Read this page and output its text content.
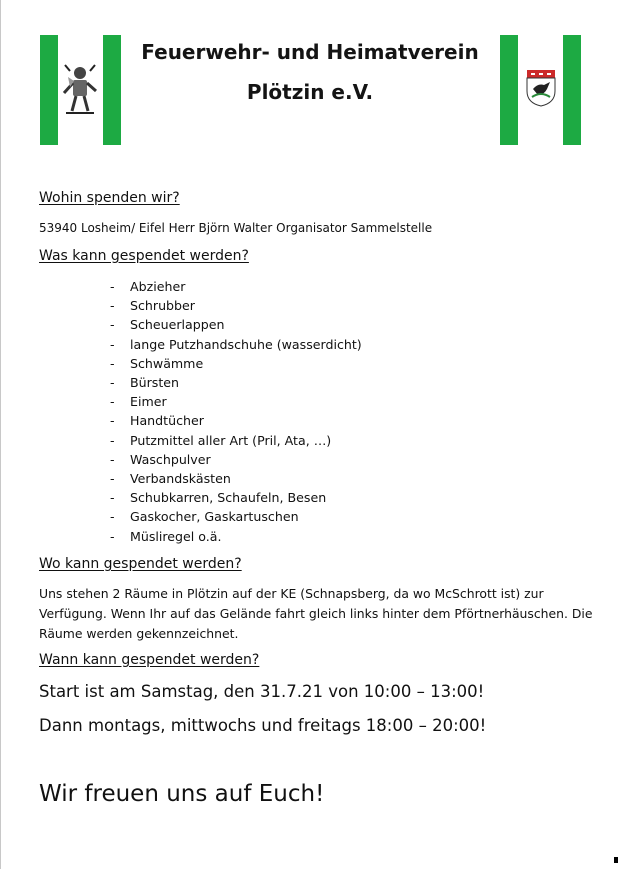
Feuerwehr- und Heimatverein
Plötzin e.V.
Wohin spenden wir?
53940 Losheim/ Eifel Herr Björn Walter Organisator Sammelstelle
Was kann gespendet werden?
- Abzieher
- Schrubber
- Scheuerlappen
- lange Putzhandschuhe (wasserdicht)
- Schwämme
- Bürsten
- Eimer
- Handtücher
- Putzmittel aller Art (Pril, Ata, …)
- Waschpulver
- Verbandskästen
- Schubkarren, Schaufeln, Besen
- Gaskocher, Gaskartuschen
- Müsliregel o.ä.
Wo kann gespendet werden?
Uns stehen 2 Räume in Plötzin auf der KE (Schnapsberg, da wo McSchrott ist) zur
Verfügung. Wenn Ihr auf das Gelände fahrt gleich links hinter dem Pförtnerhäuschen. Die
Räume werden gekennzeichnet.
Wann kann gespendet werden?
Start ist am Samstag, den 31.7.21 von 10:00 – 13:00!
Dann montags, mittwochs und freitags 18:00 – 20:00!
Wir freuen uns auf Euch!
